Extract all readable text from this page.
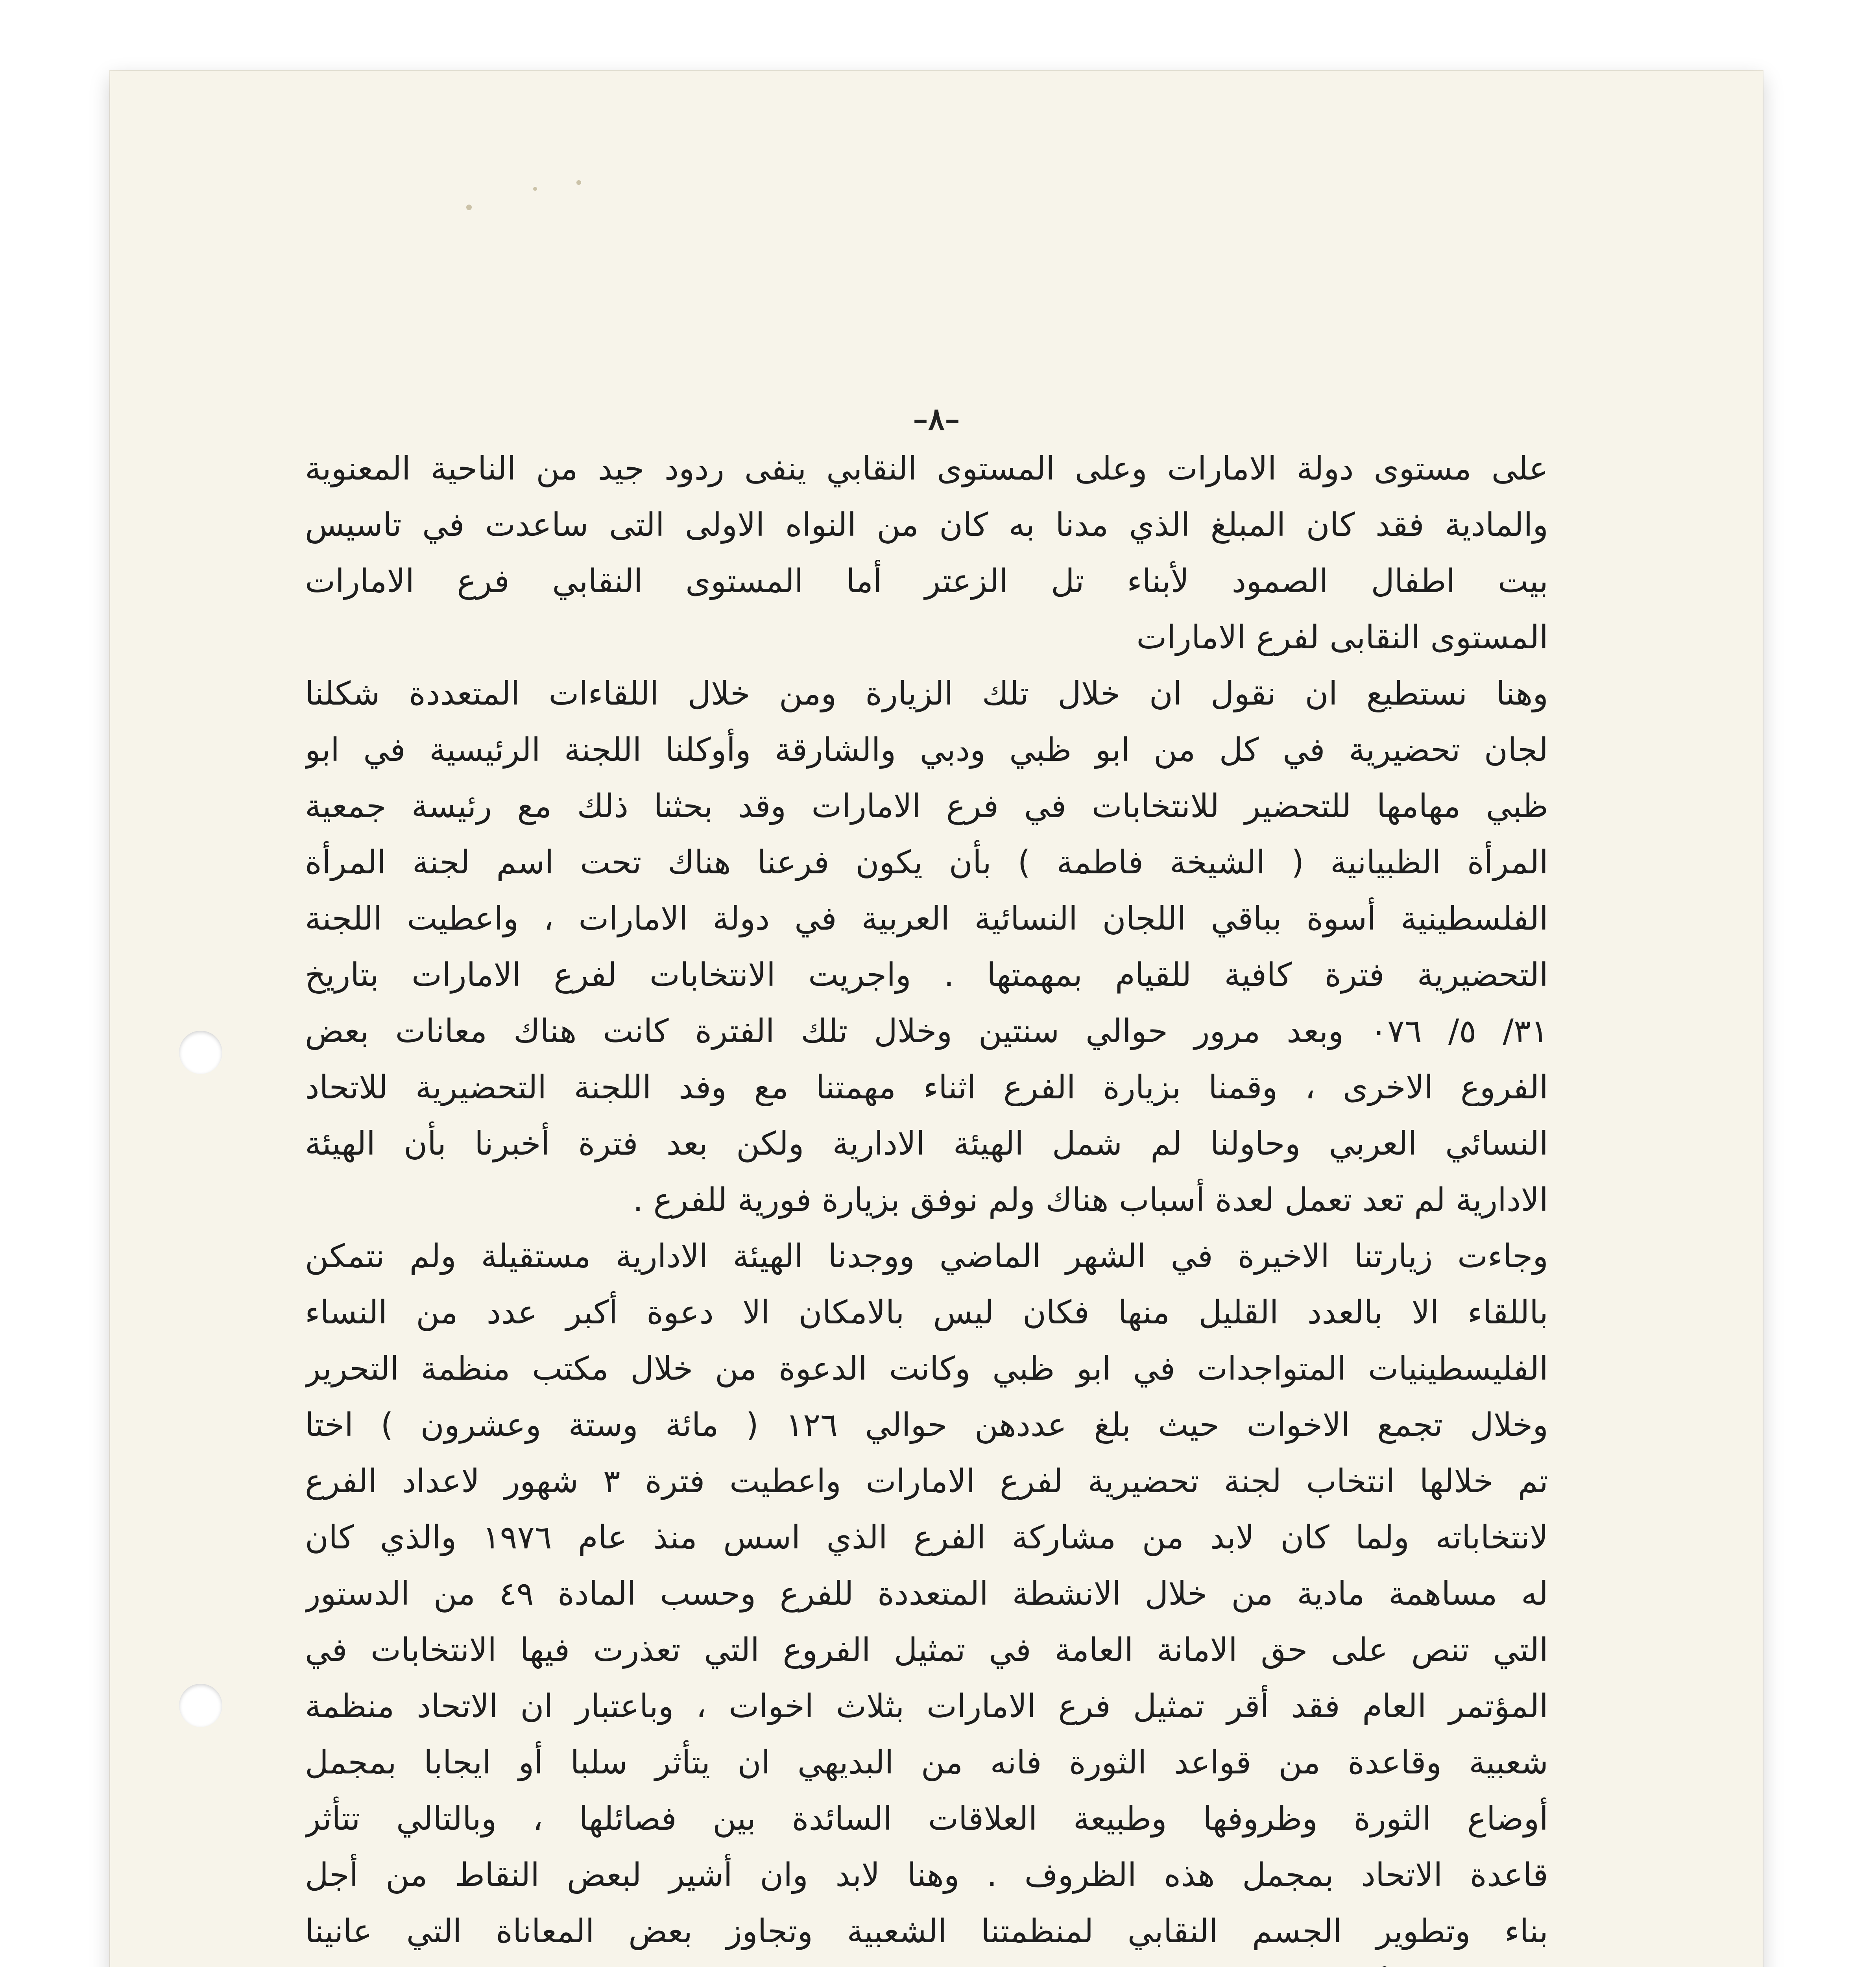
–٨–
على مستوى دولة الامارات وعلى المستوى النقابي ينفى ردود جيد من الناحية المعنوية
والمادية فقد كان المبلغ الذي مدنا به كان من النواه الاولى التى ساعدت في تاسيس
بيت اطفال الصمود لأبناء تل الزعتر أما المستوى النقابي فرع الامارات
المستوى النقابى لفرع الامارات
وهنا نستطيع ان نقول ان خلال تلك الزيارة ومن خلال اللقاءات المتعددة شكلنا
لجان تحضيرية في كل من ابو ظبي ودبي والشارقة وأوكلنا اللجنة الرئيسية في ابو
ظبي مهامها للتحضير للانتخابات في فرع الامارات وقد بحثنا ذلك مع رئيسة جمعية
المرأة الظبيانية ( الشيخة فاطمة ) بأن يكون فرعنا هناك تحت اسم لجنة المرأة
الفلسطينية أسوة بباقي اللجان النسائية العربية في دولة الامارات ، واعطيت اللجنة
التحضيرية فترة كافية للقيام بمهمتها . واجريت الانتخابات لفرع الامارات بتاريخ
٣١/ ٥/ ٠٧٦ وبعد مرور حوالي سنتين وخلال تلك الفترة كانت هناك معانات بعض
الفروع الاخرى ، وقمنا بزيارة الفرع اثناء مهمتنا مع وفد اللجنة التحضيرية للاتحاد
النسائي العربي وحاولنا لم شمل الهيئة الادارية ولكن بعد فترة أخبرنا بأن الهيئة
الادارية لم تعد تعمل لعدة أسباب هناك ولم نوفق بزيارة فورية للفرع .
وجاءت زيارتنا الاخيرة في الشهر الماضي ووجدنا الهيئة الادارية مستقيلة ولم نتمكن
باللقاء الا بالعدد القليل منها فكان ليس بالامكان الا دعوة أكبر عدد من النساء
الفليسطينيات المتواجدات في ابو ظبي وكانت الدعوة من خلال مكتب منظمة التحرير
وخلال تجمع الاخوات حيث بلغ عددهن حوالي ١٢٦ ( مائة وستة وعشرون ) اختا
تم خلالها انتخاب لجنة تحضيرية لفرع الامارات واعطيت فترة ٣ شهور لاعداد الفرع
لانتخاباته ولما كان لابد من مشاركة الفرع الذي اسس منذ عام ١٩٧٦ والذي كان
له مساهمة مادية من خلال الانشطة المتعددة للفرع وحسب المادة ٤٩ من الدستور
التي تنص على حق الامانة العامة في تمثيل الفروع التي تعذرت فيها الانتخابات في
المؤتمر العام فقد أقر تمثيل فرع الامارات بثلاث اخوات ، وباعتبار ان الاتحاد منظمة
شعبية وقاعدة من قواعد الثورة فانه من البديهي ان يتأثر سلبا أو ايجابا بمجمل
أوضاع الثورة وظروفها وطبيعة العلاقات السائدة بين فصائلها ، وبالتالي تتأثر
قاعدة الاتحاد بمجمل هذه الظروف . وهنا لابد وان أشير لبعض النقاط من أجل
بناء وتطوير الجسم النقابي لمنظمتنا الشعبية وتجاوز بعض المعاناة التي عانينا
